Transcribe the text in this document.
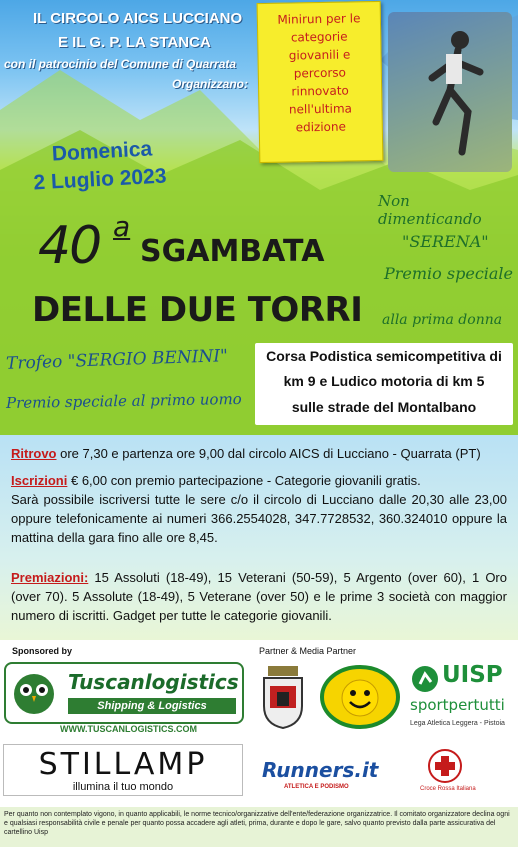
IL CIRCOLO AICS LUCCIANO
E IL G. P. LA STANCA
con il patrocinio del Comune di Quarrata
Organizzano:
Minirun per le
categorie
giovanili e
percorso
rinnovato
nell'ultima
edizione
Domenica
2 Luglio 2023
40 a
SGAMBATA
DELLE DUE TORRI
Non dimenticando
"SERENA"
Premio speciale
alla prima donna
Trofeo "SERGIO BENINI"
Premio speciale al primo uomo
Corsa Podistica semicompetitiva di
km 9 e Ludico motoria di km 5
sulle strade del Montalbano
Ritrovo ore 7,30 e partenza ore 9,00 dal circolo AICS di Lucciano - Quarrata (PT)
Iscrizioni € 6,00 con premio partecipazione - Categorie giovanili gratis.
Sarà possibile iscriversi tutte le sere c/o il circolo di Lucciano dalle 20,30 alle 23,00 oppure telefonicamente ai numeri 366.2554028, 347.7728532, 360.324010 oppure la mattina della gara fino alle ore 8,45.
Premiazioni: 15 Assoluti (18-49), 15 Veterani (50-59), 5 Argento (over 60), 1 Oro (over 70). 5 Assolute (18-49), 5 Veterane (over 50) e le prime 3 società con maggior numero di iscritti. Gadget per tutte le categorie giovanili.
Sponsored by	Partner & Media Partner
Tuscanlogistics
Shipping & Logistics
WWW.TUSCANLOGISTICS.COM
STILLAMP
illumina il tuo mondo
UISP
sportpertutti
Lega Atletica Leggera - Pistoia
Runners.it
ATLETICA E PODISMO	Croce Rossa Italiana
Per quanto non contemplato vigono, in quanto applicabili, le norme tecnico/organizzative dell'ente/federazione organizzatrice. Il comitato organizzatore declina ogni e qualsiasi responsabilità civile e penale per quanto possa accadere agli atleti, prima, durante e dopo le gare, salvo quanto previsto dalla parte assicurativa del cartellino Uisp
